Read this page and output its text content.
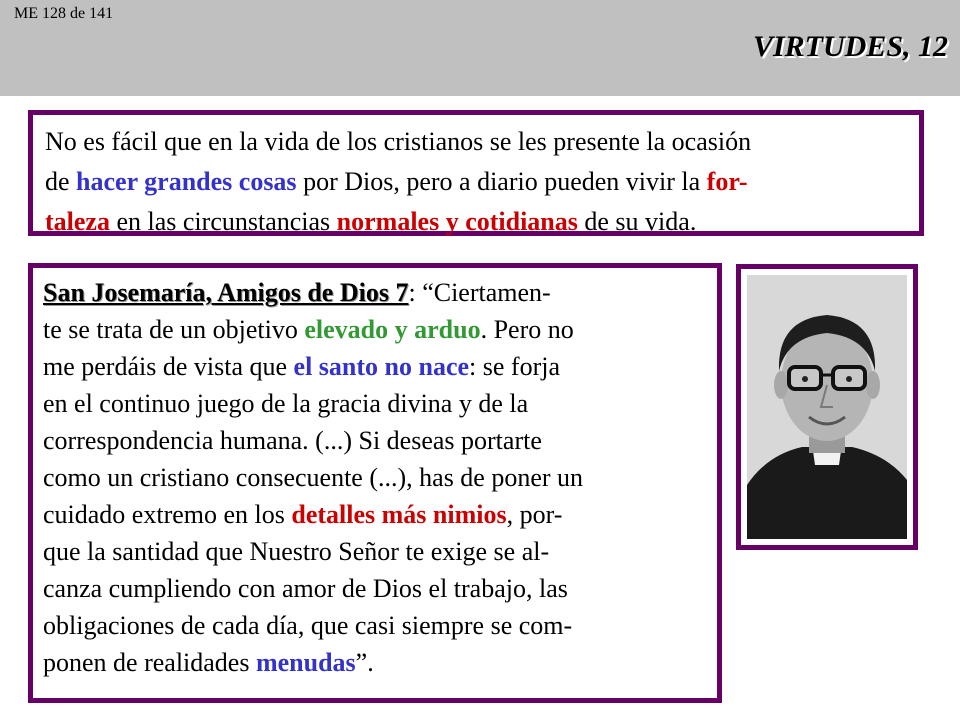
ME 128 de 141
VIRTUDES, 12
No es fácil que en la vida de los cristianos se les presente la ocasión
de hacer grandes cosas por Dios, pero a diario pueden vivir la for-
taleza en las circunstancias normales y cotidianas de su vida.
San Josemaría, Amigos de Dios 7: “Ciertamen-
te se trata de un objetivo elevado y arduo. Pero no
me perdáis de vista que el santo no nace: se forja
en el continuo juego de la gracia divina y de la
correspondencia humana. (...) Si deseas portarte
como un cristiano consecuente (...), has de poner un
cuidado extremo en los detalles más nimios, por-
que la santidad que Nuestro Señor te exige se al-
canza cumpliendo con amor de Dios el trabajo, las
obligaciones de cada día, que casi siempre se com-
ponen de realidades menudas”.
